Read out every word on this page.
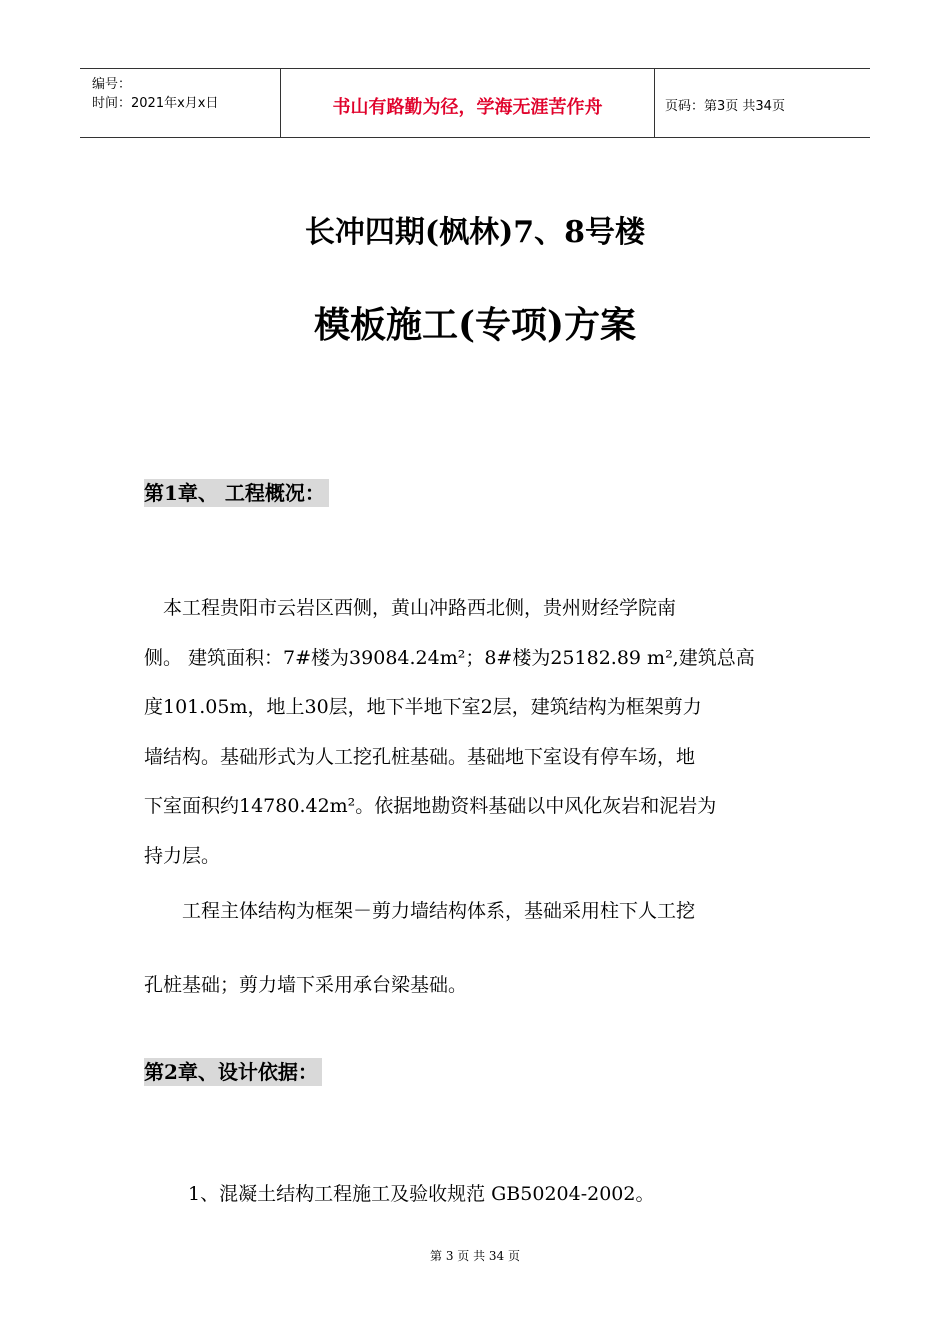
编号：
时间：2021年x月x日	书山有路勤为径，学海无涯苦作舟	页码：第3页 共34页
长冲四期(枫林)7、8号楼
模板施工(专项)方案
第1章、 工程概况：
　本工程贵阳市云岩区西侧，黄山冲路西北侧，贵州财经学院南
侧。 建筑面积：7#楼为39084.24m²；8#楼为25182.89 m²,建筑总高
度101.05m，地上30层，地下半地下室2层，建筑结构为框架剪力
墙结构。基础形式为人工挖孔桩基础。基础地下室设有停车场，地
下室面积约14780.42m²。依据地勘资料基础以中风化灰岩和泥岩为
持力层。
工程主体结构为框架－剪力墙结构体系，基础采用柱下人工挖
孔桩基础；剪力墙下采用承台梁基础。
第2章、设计依据：
1、混凝土结构工程施工及验收规范 GB50204-2002。
第 3 页 共 34 页
